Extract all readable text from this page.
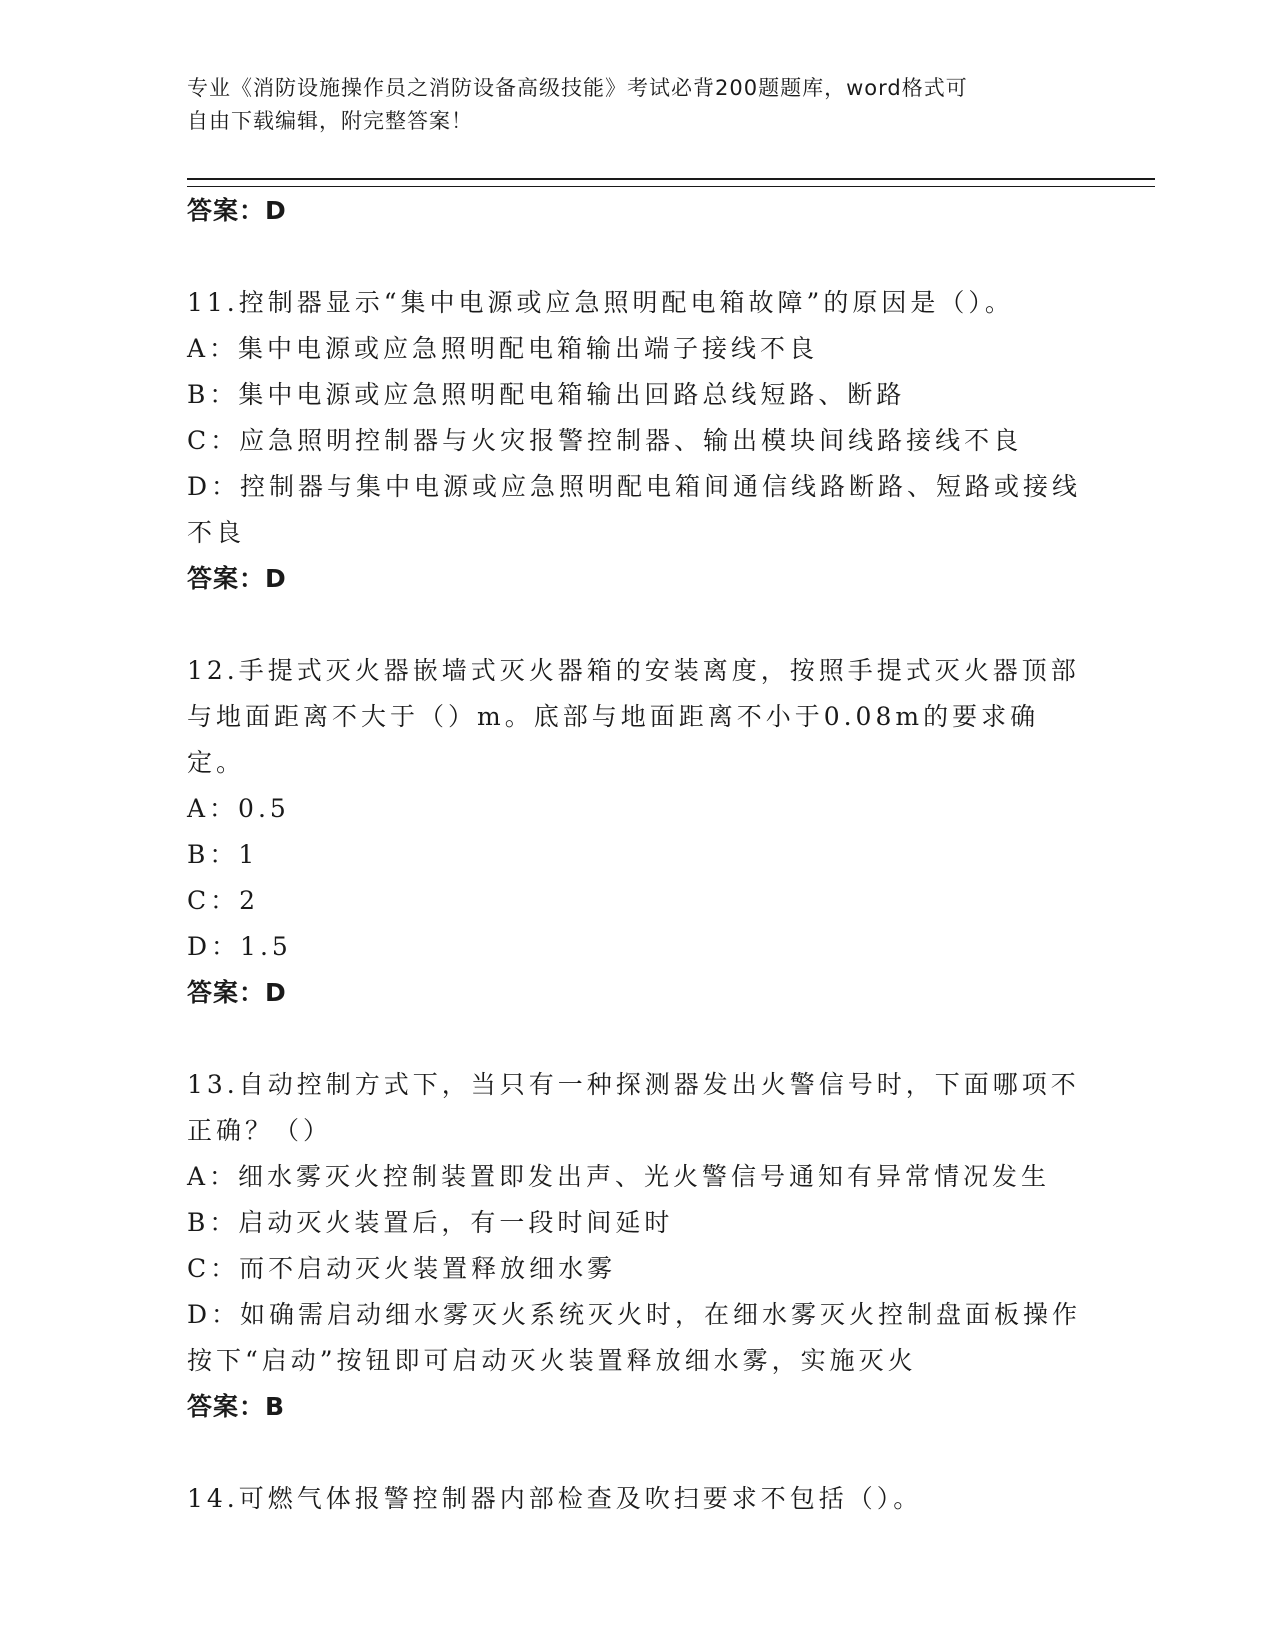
专业《消防设施操作员之消防设备高级技能》考试必背200题题库，word格式可
自由下载编辑，附完整答案！
答案：D
11.控制器显示“集中电源或应急照明配电箱故障”的原因是（）。
A：集中电源或应急照明配电箱输出端子接线不良
B：集中电源或应急照明配电箱输出回路总线短路、断路
C：应急照明控制器与火灾报警控制器、输出模块间线路接线不良
D：控制器与集中电源或应急照明配电箱间通信线路断路、短路或接线不良
答案：D
12.手提式灭火器嵌墙式灭火器箱的安装离度，按照手提式灭火器顶部与地面距离不大于（）m。底部与地面距离不小于0.08m的要求确定。
A：0.5
B：1
C：2
D：1.5
答案：D
13.自动控制方式下，当只有一种探测器发出火警信号时，下面哪项不正确？（）
A：细水雾灭火控制装置即发出声、光火警信号通知有异常情况发生
B：启动灭火装置后，有一段时间延时
C：而不启动灭火装置释放细水雾
D：如确需启动细水雾灭火系统灭火时，在细水雾灭火控制盘面板操作按下“启动”按钮即可启动灭火装置释放细水雾，实施灭火
答案：B
14.可燃气体报警控制器内部检查及吹扫要求不包括（）。
